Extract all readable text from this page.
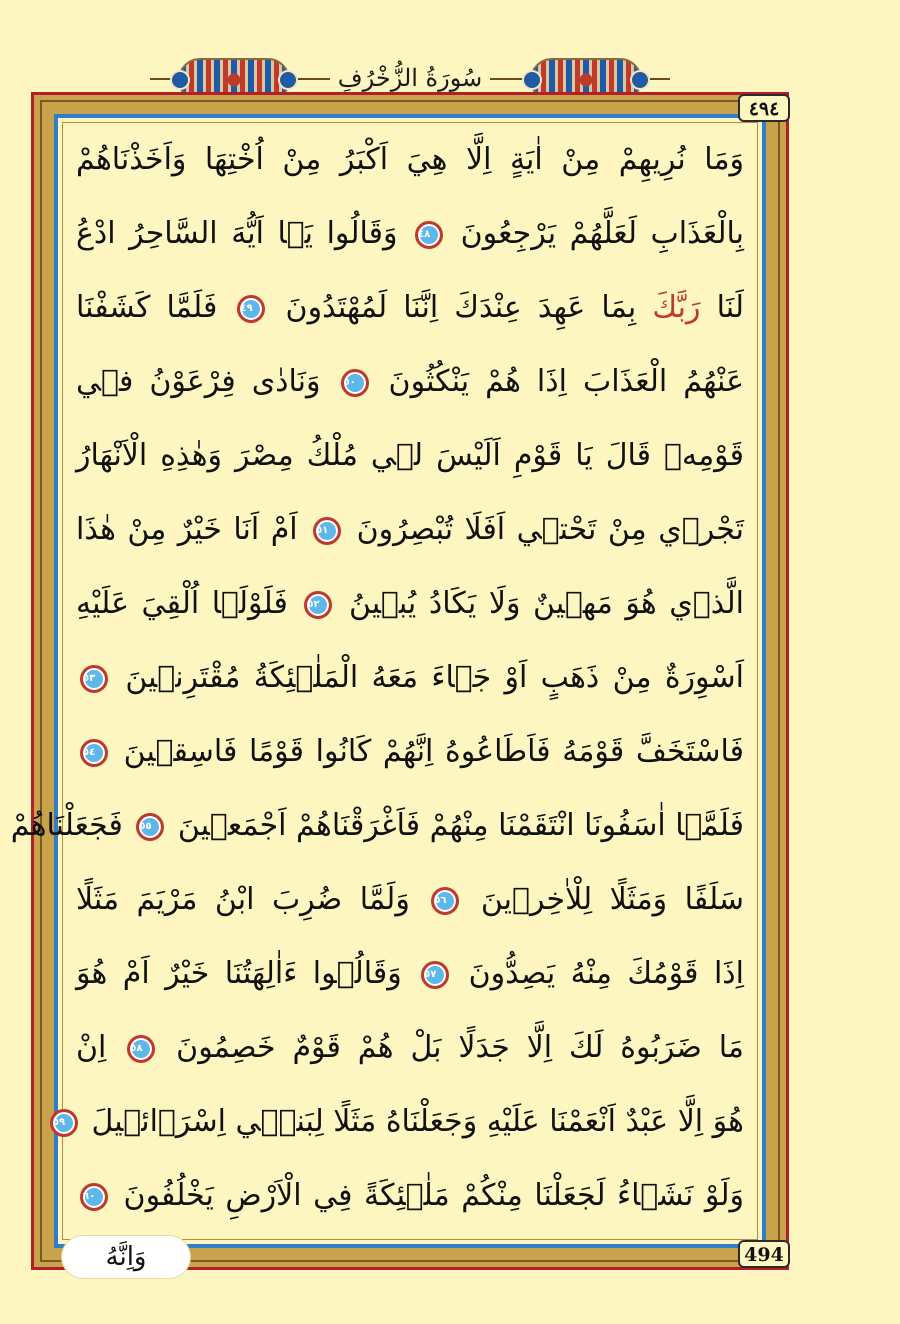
سُورَةُ الزُّخْرُفِ
٤٩٤
494
وَمَا نُرِيهِمْ مِنْ اٰيَةٍ اِلَّا هِيَ اَكْبَرُ مِنْ اُخْتِهَا وَاَخَذْنَاهُمْ
بِالْعَذَابِ لَعَلَّهُمْ يَرْجِعُونَ
٤٨
وَقَالُوا يَۤا اَيُّهَ السَّاحِرُ ادْعُ
لَنَا رَبَّكَ بِمَا عَهِدَ عِنْدَكَ اِنَّنَا لَمُهْتَدُونَ
٤٩
فَلَمَّا كَشَفْنَا
عَنْهُمُ الْعَذَابَ اِذَا هُمْ يَنْكُثُونَ
٥٠
وَنَادٰى فِرْعَوْنُ فٖي
قَوْمِهٖ قَالَ يَا قَوْمِ اَلَيْسَ لٖي مُلْكُ مِصْرَ وَهٰذِهِ الْاَنْهَارُ
تَجْرٖي مِنْ تَحْتٖي اَفَلَا تُبْصِرُونَ
٥١
اَمْ اَنَا خَيْرٌ مِنْ هٰذَا
الَّذٖي هُوَ مَهٖينٌ وَلَا يَكَادُ يُبٖينُ
٥٢
فَلَوْلَۤا اُلْقِيَ عَلَيْهِ
اَسْوِرَةٌ مِنْ ذَهَبٍ اَوْ جَۤاءَ مَعَهُ الْمَلٰۤئِكَةُ مُقْتَرِنٖينَ
٥٣
فَاسْتَخَفَّ قَوْمَهُ فَاَطَاعُوهُ اِنَّهُمْ كَانُوا قَوْمًا فَاسِقٖينَ
٥٤
فَلَمَّۤا اٰسَفُونَا انْتَقَمْنَا مِنْهُمْ فَاَغْرَقْنَاهُمْ اَجْمَعٖينَ
٥٥
فَجَعَلْنَاهُمْ
سَلَفًا وَمَثَلًا لِلْاٰخِرٖينَ
٥٦
وَلَمَّا ضُرِبَ ابْنُ مَرْيَمَ مَثَلًا
اِذَا قَوْمُكَ مِنْهُ يَصِدُّونَ
٥٧
وَقَالُۤوا ءَاٰلِهَتُنَا خَيْرٌ اَمْ هُوَ
مَا ضَرَبُوهُ لَكَ اِلَّا جَدَلًا بَلْ هُمْ قَوْمٌ خَصِمُونَ
٥٨
اِنْ
هُوَ اِلَّا عَبْدٌ اَنْعَمْنَا عَلَيْهِ وَجَعَلْنَاهُ مَثَلًا لِبَنٖۤي اِسْرَۤائٖيلَ
٥٩
وَلَوْ نَشَۤاءُ لَجَعَلْنَا مِنْكُمْ مَلٰۤئِكَةً فِي الْاَرْضِ يَخْلُفُونَ
٦٠
وَاِنَّهُ
